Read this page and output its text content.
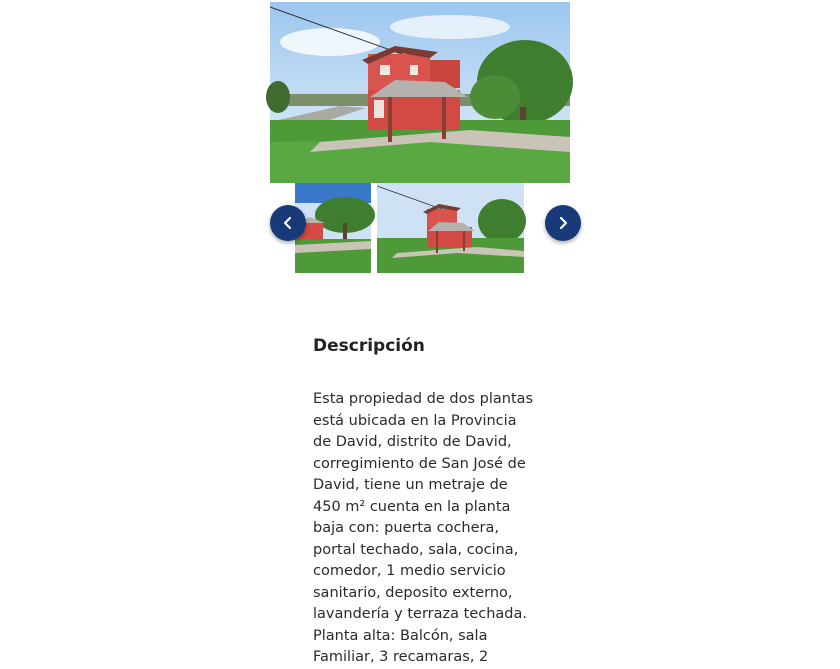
Descripción

Esta propiedad de dos plantas está ubicada en la Provincia de David, distrito de David, corregimiento de San José de David, tiene un metraje de 450 m² cuenta en la planta baja con: puerta cochera, portal techado, sala, cocina, comedor, 1 medio servicio sanitario, deposito externo, lavandería y terraza techada. Planta alta: Balcón, sala Familiar, 3 recamaras, 2
